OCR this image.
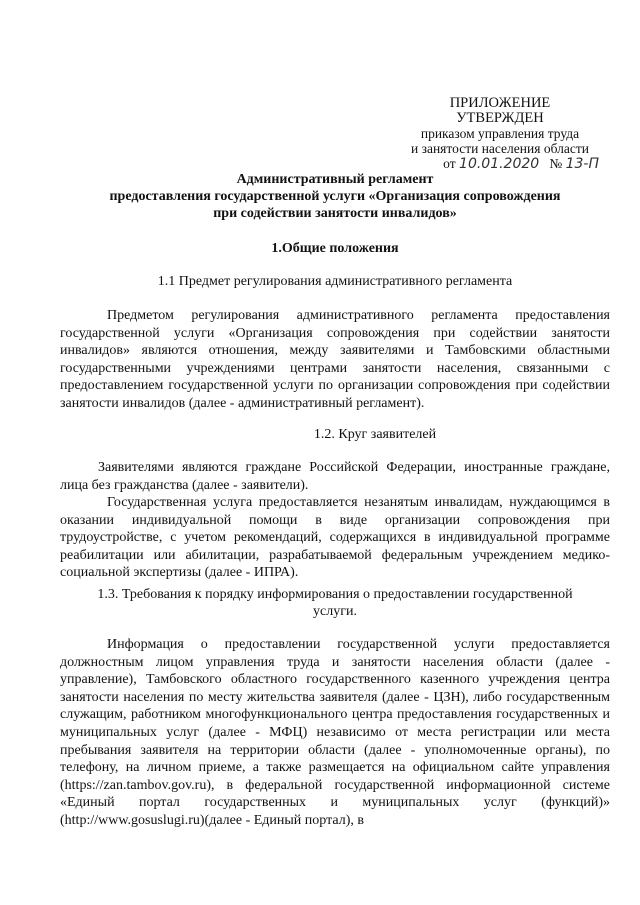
ПРИЛОЖЕНИЕ
УТВЕРЖДЕН
приказом управления труда
и занятости населения области
от 10.01.2020 № 13-П
Административный регламент
предоставления государственной услуги «Организация сопровождения
при содействии занятости инвалидов»
1.Общие положения
1.1 Предмет регулирования административного регламента
Предметом регулирования административного регламента предоставления государственной услуги «Организация сопровождения при содействии занятости инвалидов» являются отношения, между заявителями и Тамбовскими областными государственными учреждениями центрами занятости населения, связанными с предоставлением государственной услуги по организации сопровождения при содействии занятости инвалидов (далее - административный регламент).
1.2. Круг заявителей
Заявителями являются граждане Российской Федерации, иностранные граждане, лица без гражданства (далее - заявители).
Государственная услуга предоставляется незанятым инвалидам, нуждающимся в оказании индивидуальной помощи в виде организации сопровождения при трудоустройстве, с учетом рекомендаций, содержащихся в индивидуальной программе реабилитации или абилитации, разрабатываемой федеральным учреждением медико-социальной экспертизы (далее - ИПРА).
1.3. Требования к порядку информирования о предоставлении государственной
услуги.
Информация о предоставлении государственной услуги предоставляется должностным лицом управления труда и занятости населения области (далее - управление), Тамбовского областного государственного казенного учреждения центра занятости населения по месту жительства заявителя (далее - ЦЗН), либо государственным служащим, работником многофункционального центра предоставления государственных и муниципальных услуг (далее - МФЦ) независимо от места регистрации или места пребывания заявителя на территории области (далее - уполномоченные органы), по телефону, на личном приеме, а также размещается на официальном сайте управления (https://zan.tambov.gov.ru), в федеральной государственной информационной системе «Единый портал государственных и муниципальных услуг (функций)» (http://www.gosuslugi.ru)(далее - Единый портал), в
